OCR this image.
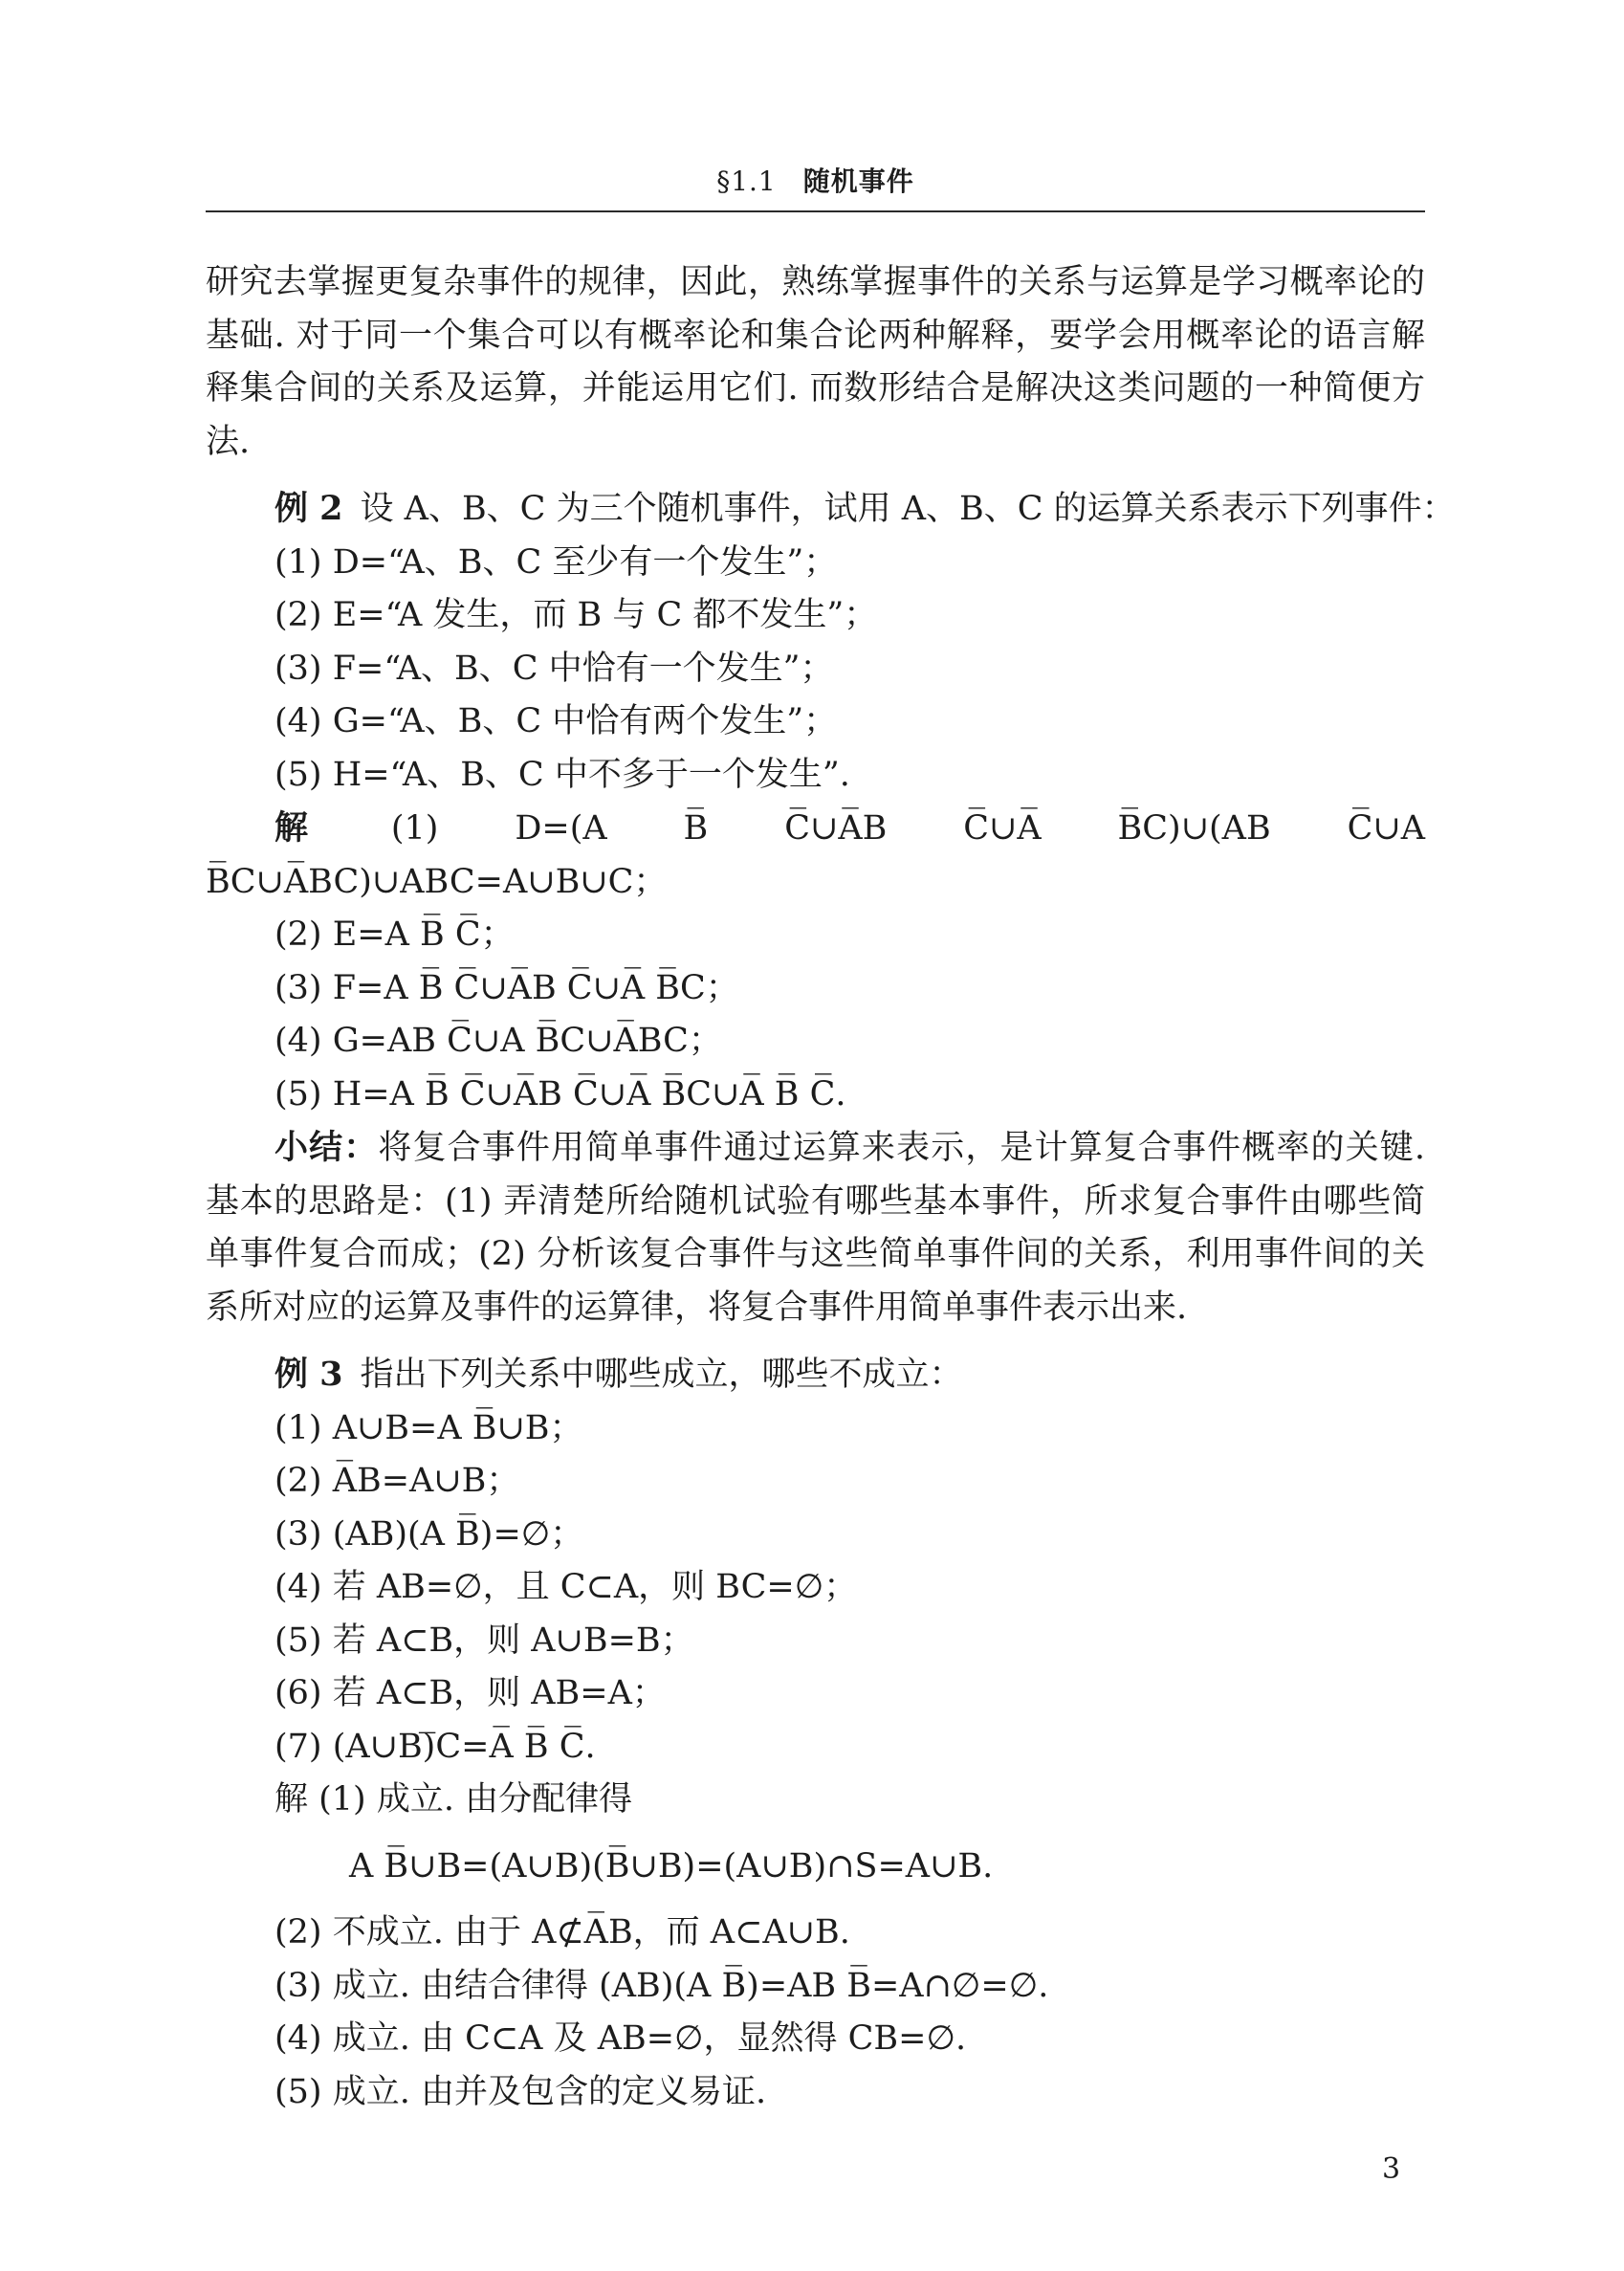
§1.1 随机事件

研究去掌握更复杂事件的规律，因此，熟练掌握事件的关系与运算是学习概率论的基础. 对于同一个集合可以有概率论和集合论两种解释，要学会用概率论的语言解释集合间的关系及运算，并能运用它们. 而数形结合是解决这类问题的一种简便方法.

例 2 设 A、B、C 为三个随机事件，试用 A、B、C 的运算关系表示下列事件：
(1) D=“A、B、C 至少有一个发生”；
(2) E=“A 发生，而 B 与 C 都不发生”；
(3) F=“A、B、C 中恰有一个发生”；
(4) G=“A、B、C 中恰有两个发生”；
(5) H=“A、B、C 中不多于一个发生”.

解 (1) D=(A B̅ C̅∪A̅B C̅∪A̅ B̅C)∪(AB C̅∪A B̅C∪A̅BC)∪ABC=A∪B∪C；

(2) E=A B̅ C̅；
(3) F=A B̅ C̅∪A̅B C̅∪A̅ B̅C；
(4) G=AB C̅∪A B̅C∪A̅BC；
(5) H=A B̅ C̅∪A̅B C̅∪A̅ B̅C∪A̅ B̅ C̅.

小结：将复合事件用简单事件通过运算来表示，是计算复合事件概率的关键. 基本的思路是：(1) 弄清楚所给随机试验有哪些基本事件，所求复合事件由哪些简单事件复合而成；(2) 分析该复合事件与这些简单事件间的关系，利用事件间的关系所对应的运算及事件的运算律，将复合事件用简单事件表示出来.

例 3 指出下列关系中哪些成立，哪些不成立：
(1) A∪B=A B̅∪B；
(2) A̅B=A∪B；
(3) (AB)(A B̅)=∅；
(4) 若 AB=∅，且 C⊂A，则 BC=∅；
(5) 若 A⊂B，则 A∪B=B；
(6) 若 A⊂B，则 AB=A；
(7) (A∪B)̅C=A̅ B̅ C̅.
解 (1) 成立. 由分配律得
A B̅∪B=(A∪B)(B̅∪B)=(A∪B)∩S=A∪B.
(2) 不成立. 由于 A⊄A̅B，而 A⊂A∪B.
(3) 成立. 由结合律得 (AB)(A B̅)=AB B̅=A∩∅=∅.
(4) 成立. 由 C⊂A 及 AB=∅，显然得 CB=∅.
(5) 成立. 由并及包含的定义易证.
3
